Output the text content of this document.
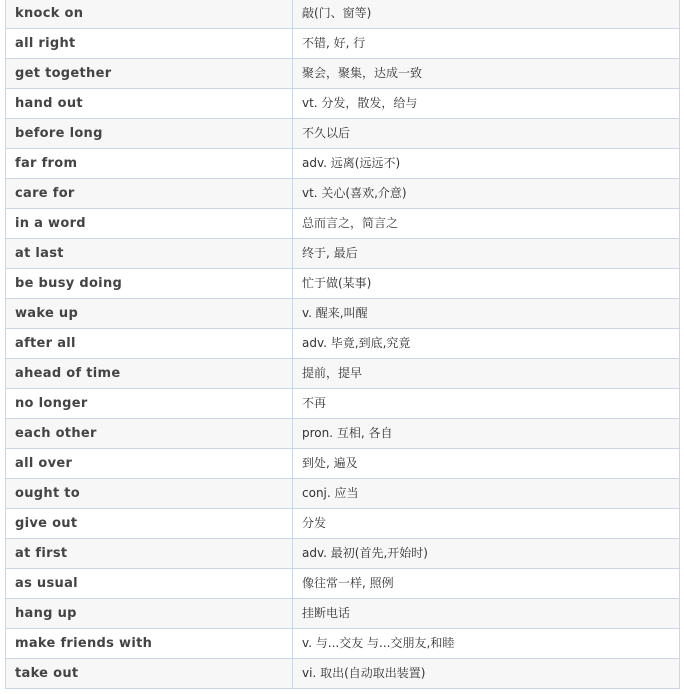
knock on	敲(门、窗等)
all right	不错, 好, 行
get together	聚会，聚集，达成一致
hand out	vt. 分发，散发，给与
before long	不久以后
far from	adv. 远离(远远不)
care for	vt. 关心(喜欢,介意)
in a word	总而言之，简言之
at last	终于, 最后
be busy doing	忙于做(某事)
wake up	v. 醒来,叫醒
after all	adv. 毕竟,到底,究竟
ahead of time	提前，提早
no longer	不再
each other	pron. 互相, 各自
all over	到处, 遍及
ought to	conj. 应当
give out	分发
at first	adv. 最初(首先,开始时)
as usual	像往常一样, 照例
hang up	挂断电话
make friends with	v. 与...交友 与...交朋友,和睦
take out	vi. 取出(自动取出装置)
